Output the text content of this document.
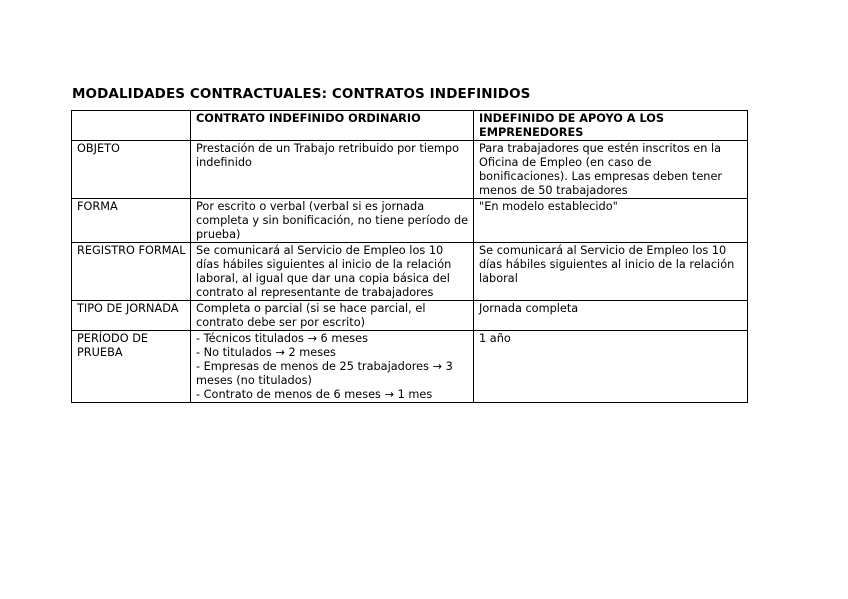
MODALIDADES CONTRACTUALES: CONTRATOS INDEFINIDOS
	CONTRATO INDEFINIDO ORDINARIO	INDEFINIDO DE APOYO A LOS EMPRENEDORES
OBJETO	Prestación de un Trabajo retribuido por tiempo indefinido	Para trabajadores que estén inscritos en la Oficina de Empleo (en caso de bonificaciones). Las empresas deben tener menos de 50 trabajadores
FORMA	Por escrito o verbal (verbal si es jornada completa y sin bonificación, no tiene período de prueba)	"En modelo establecido"
REGISTRO FORMAL	Se comunicará al Servicio de Empleo los 10 días hábiles siguientes al inicio de la relación laboral, al igual que dar una copia básica del contrato al representante de trabajadores	Se comunicará al Servicio de Empleo los 10 días hábiles siguientes al inicio de la relación laboral
TIPO DE JORNADA	Completa o parcial (si se hace parcial, el contrato debe ser por escrito)	Jornada completa
PERÍODO DE PRUEBA	- Técnicos titulados → 6 meses
- No titulados → 2 meses
- Empresas de menos de 25 trabajadores → 3 meses (no titulados)
- Contrato de menos de 6 meses → 1 mes	1 año
